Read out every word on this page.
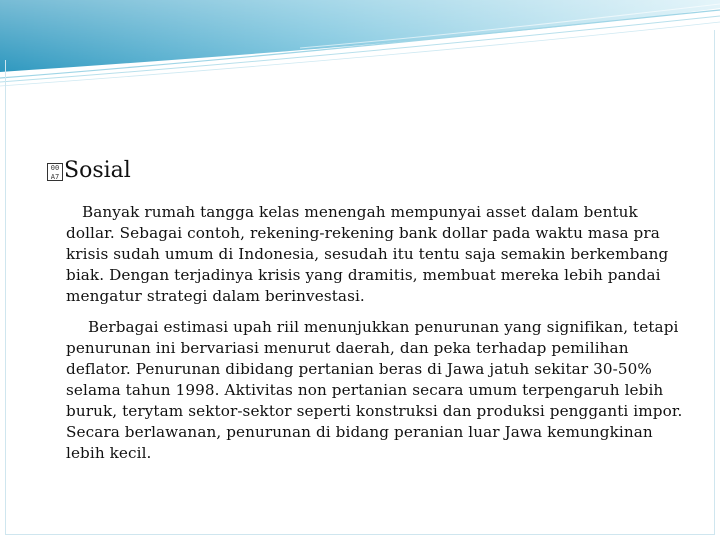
00
A7 Sosial

Banyak rumah tangga kelas menengah mempunyai asset dalam bentuk
dollar. Sebagai contoh, rekening-rekening bank dollar pada waktu masa pra
krisis sudah umum di Indonesia, sesudah itu tentu saja semakin berkembang
biak. Dengan terjadinya krisis yang dramitis, membuat mereka lebih pandai
mengatur strategi dalam berinvestasi.

Berbagai estimasi upah riil menunjukkan penurunan yang signifikan, tetapi
penurunan ini bervariasi menurut daerah, dan peka terhadap pemilihan
deflator. Penurunan dibidang pertanian beras di Jawa jatuh sekitar 30-50%
selama tahun 1998. Aktivitas non pertanian secara umum terpengaruh lebih
buruk, terytam sektor-sektor seperti konstruksi dan produksi pengganti impor.
Secara berlawanan, penurunan di bidang peranian luar Jawa kemungkinan
lebih kecil.
